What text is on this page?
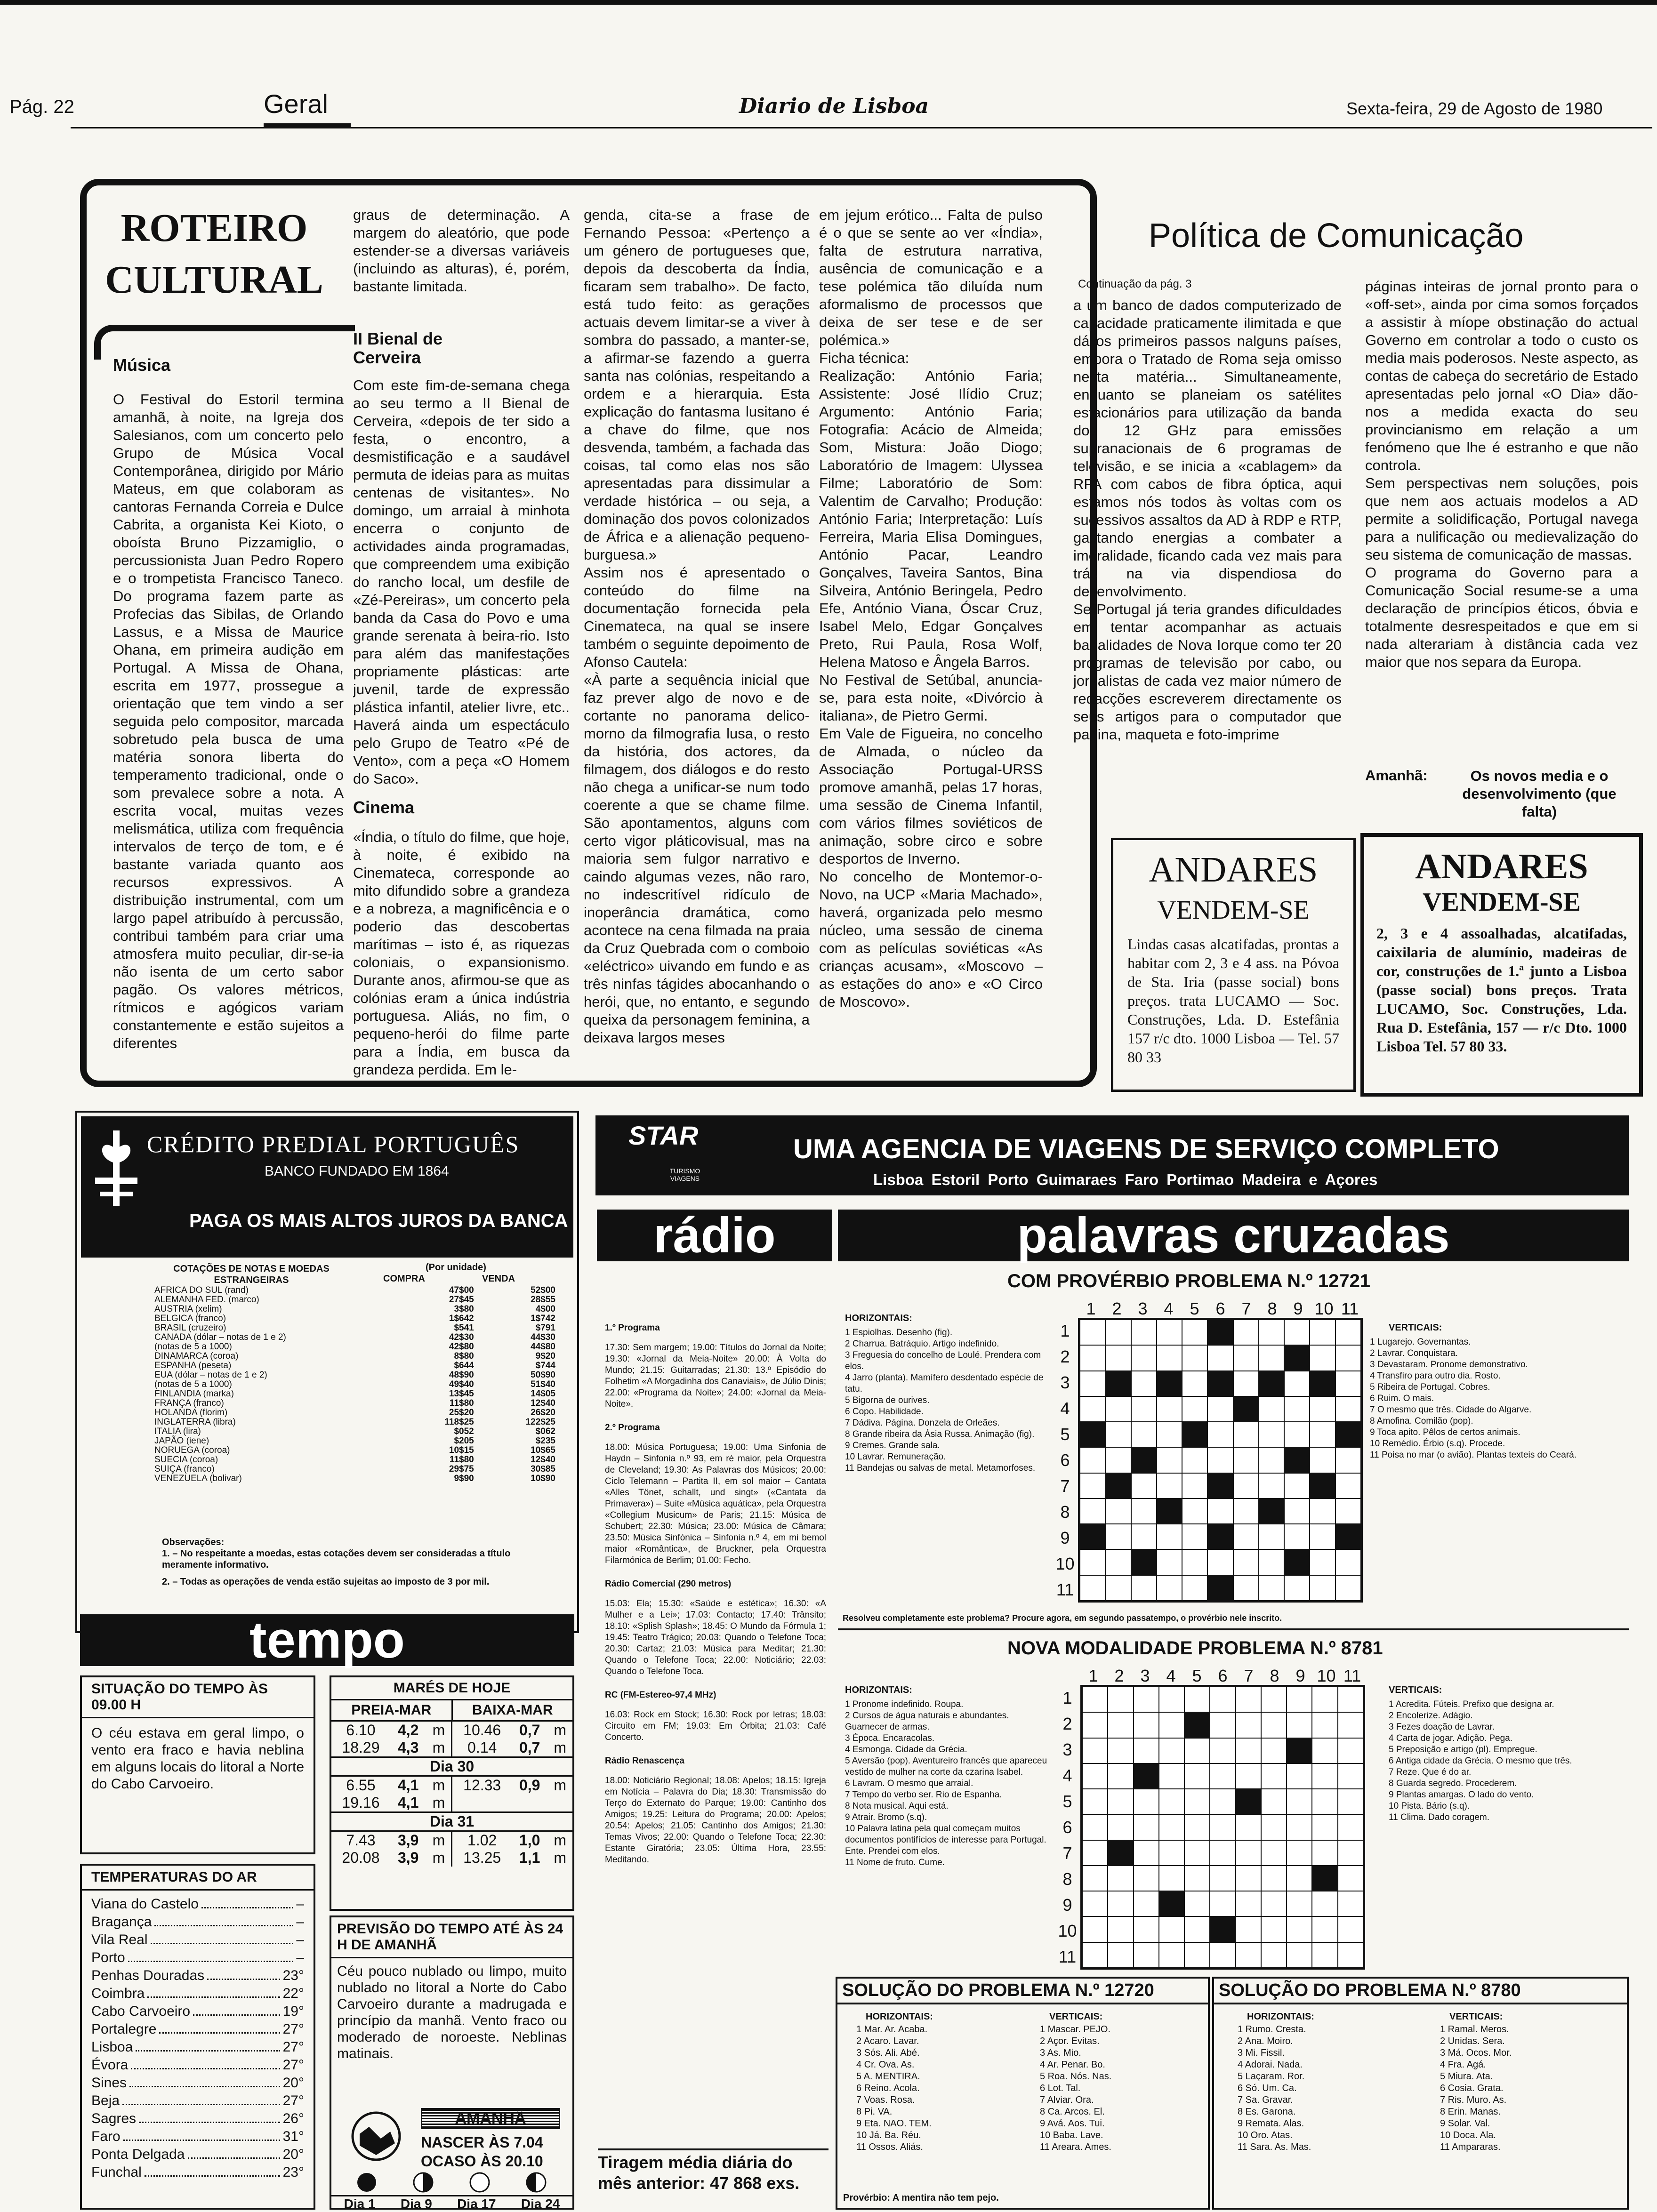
Pág. 22	Geral	Diario de Lisboa	Sexta-feira, 29 de Agosto de 1980
ROTEIRO CULTURAL
Música
O Festival do Estoril termina amanhã, à noite, na Igreja dos Salesianos, com um concerto pelo Grupo de Música Vocal Contemporânea, dirigido por Mário Mateus, em que colaboram as cantoras Fernanda Correia e Dulce Cabrita, a organista Kei Kioto, o oboísta Bruno Pizzamiglio, o percussionista Juan Pedro Ropero e o trompetista Francisco Taneco. Do programa fazem parte as Profecias das Sibilas, de Orlando Lassus, e a Missa de Maurice Ohana, em primeira audição em Portugal. A Missa de Ohana, escrita em 1977, prossegue a orientação que tem vindo a ser seguida pelo compositor, marcada sobretudo pela busca de uma matéria sonora liberta do temperamento tradicional, onde o som prevalece sobre a nota. A escrita vocal, muitas vezes melismática, utiliza com frequência intervalos de terço de tom, e é bastante variada quanto aos recursos expressivos. A distribuição instrumental, com um largo papel atribuído à percussão, contribui também para criar uma atmosfera muito peculiar, dir-se-ia não isenta de um certo sabor pagão. Os valores métricos, rítmicos e agógicos variam constantemente e estão sujeitos a diferentes
graus de determinação. A margem do aleatório, que pode estender-se a diversas variáveis (incluindo as alturas), é, porém, bastante limitada.
II Bienal de Cerveira
Com este fim-de-semana chega ao seu termo a II Bienal de Cerveira, «depois de ter sido a festa, o encontro, a desmistificação e a saudável permuta de ideias para as muitas centenas de visitantes». No domingo, um arraial à minhota encerra o conjunto de actividades ainda programadas, que compreendem uma exibição do rancho local, um desfile de «Zé-Pereiras», um concerto pela banda da Casa do Povo e uma grande serenata à beira-rio. Isto para além das manifestações propriamente plásticas: arte juvenil, tarde de expressão plástica infantil, atelier livre, etc.. Haverá ainda um espectáculo pelo Grupo de Teatro «Pé de Vento», com a peça «O Homem do Saco».
Cinema
«Índia, o título do filme, que hoje, à noite, é exibido na Cinemateca, corresponde ao mito difundido sobre a grandeza e a nobreza, a magnificência e o poderio das descobertas marítimas – isto é, as riquezas coloniais, o expansionismo. Durante anos, afirmou-se que as colónias eram a única indústria portuguesa. Aliás, no fim, o pequeno-herói do filme parte para a Índia, em busca da grandeza perdida. Em le-
genda, cita-se a frase de Fernando Pessoa: «Pertenço a um género de portugueses que, depois da descoberta da Índia, ficaram sem trabalho». De facto, está tudo feito: as gerações actuais devem limitar-se a viver à sombra do passado, a manter-se, a afirmar-se fazendo a guerra santa nas colónias, respeitando a ordem e a hierarquia. Esta explicação do fantasma lusitano é a chave do filme, que nos desvenda, também, a fachada das coisas, tal como elas nos são apresentadas para dissimular a verdade histórica – ou seja, a dominação dos povos colonizados de África e a alienação pequeno-burguesa.»
Assim nos é apresentado o conteúdo do filme na documentação fornecida pela Cinemateca, na qual se insere também o seguinte depoimento de Afonso Cautela:
«À parte a sequência inicial que faz prever algo de novo e de cortante no panorama delico-morno da filmografia lusa, o resto da história, dos actores, da filmagem, dos diálogos e do resto não chega a unificar-se num todo coerente a que se chame filme. São apontamentos, alguns com certo vigor pláticovisual, mas na maioria sem fulgor narrativo e caindo algumas vezes, não raro, no indescritível ridículo de inoperância dramática, como acontece na cena filmada na praia da Cruz Quebrada com o comboio «eléctrico» uivando em fundo e as três ninfas tágides abocanhando o herói, que, no entanto, e segundo queixa da personagem feminina, a deixava largos meses
em jejum erótico... Falta de pulso é o que se sente ao ver «Índia», falta de estrutura narrativa, ausência de comunicação e a tese polémica tão diluída num aformalismo de processos que deixa de ser tese e de ser polémica.»
Ficha técnica:
Realização: António Faria; Assistente: José Ilídio Cruz; Argumento: António Faria; Fotografia: Acácio de Almeida; Som, Mistura: João Diogo; Laboratório de Imagem: Ulyssea Filme; Laboratório de Som: Valentim de Carvalho; Produção: António Faria; Interpretação: Luís Ferreira, Maria Elisa Domingues, António Pacar, Leandro Gonçalves, Taveira Santos, Bina Silveira, António Beringela, Pedro Efe, António Viana, Óscar Cruz, Isabel Melo, Edgar Gonçalves Preto, Rui Paula, Rosa Wolf, Helena Matoso e Ângela Barros.
No Festival de Setúbal, anuncia-se, para esta noite, «Divórcio à italiana», de Pietro Germi.
Em Vale de Figueira, no concelho de Almada, o núcleo da Associação Portugal-URSS promove amanhã, pelas 17 horas, uma sessão de Cinema Infantil, com vários filmes soviéticos de animação, sobre circo e sobre desportos de Inverno.
No concelho de Montemor-o-Novo, na UCP «Maria Machado», haverá, organizada pelo mesmo núcleo, uma sessão de cinema com as películas soviéticas «As crianças acusam», «Moscovo – as estações do ano» e «O Circo de Moscovo».
Política de Comunicação
Continuação da pág. 3
a um banco de dados computerizado de capacidade praticamente ilimitada e que dá os primeiros passos nalguns países, embora o Tratado de Roma seja omisso nesta matéria... Simultaneamente, enquanto se planeiam os satélites estacionários para utilização da banda dos 12 GHz para emissões supranacionais de 6 programas de televisão, e se inicia a «cablagem» da RFA com cabos de fibra óptica, aqui estamos nós todos às voltas com os sucessivos assaltos da AD à RDP e RTP, gastando energias a combater a imoralidade, ficando cada vez mais para trás na via dispendiosa do desenvolvimento.
Se Portugal já teria grandes dificuldades em tentar acompanhar as actuais banalidades de Nova Iorque como ter 20 programas de televisão por cabo, ou jornalistas de cada vez maior número de redacções escreverem directamente os seus artigos para o computador que pagina, maqueta e foto-imprime
páginas inteiras de jornal pronto para o «off-set», ainda por cima somos forçados a assistir à míope obstinação do actual Governo em controlar a todo o custo os media mais poderosos. Neste aspecto, as contas de cabeça do secretário de Estado apresentadas pelo jornal «O Dia» dão-nos a medida exacta do seu provincianismo em relação a um fenómeno que lhe é estranho e que não controla.
Sem perspectivas nem soluções, pois que nem aos actuais modelos a AD permite a solidificação, Portugal navega para a nulificação ou medievalização do seu sistema de comunicação de massas.
O programa do Governo para a Comunicação Social resume-se a uma declaração de princípios éticos, óbvia e totalmente desrespeitados e que em si nada alterariam à distância cada vez maior que nos separa da Europa.
Amanhã:	Os novos media e o desenvolvimento (que falta)
ANDARES
VENDEM-SE
Lindas casas alcatifadas, prontas a habitar com 2, 3 e 4 ass. na Póvoa de Sta. Iria (passe social) bons preços. trata LUCAMO — Soc. Construções, Lda. D. Estefânia 157 r/c dto. 1000 Lisboa — Tel. 57 80 33
ANDARES
VENDEM-SE
2, 3 e 4 assoalhadas, alcatifadas, caixilaria de alumínio, madeiras de cor, construções de 1.ª junto a Lisboa (passe social) bons preços. Trata LUCAMO, Soc. Construções, Lda. Rua D. Estefânia, 157 — r/c Dto. 1000 Lisboa Tel. 57 80 33.
CRÉDITO PREDIAL PORTUGUÊS
BANCO FUNDADO EM 1864
PAGA OS MAIS ALTOS JUROS DA BANCA
COTAÇÕES DE NOTAS E MOEDAS ESTRANGEIRAS
(Por unidade)
COMPRA	VENDA
AFRICA DO SUL (rand)	47$00	52$00
ALEMANHA FED. (marco)	27$45	28$55
AUSTRIA (xelim)	3$80	4$00
BELGICA (franco)	1$642	1$742
BRASIL (cruzeiro)	$541	$791
CANADA (dólar – notas de 1 e 2)	42$30	44$30
(notas de 5 a 1000)	42$80	44$80
DINAMARCA (coroa)	8$80	9$20
ESPANHA (peseta)	$644	$744
EUA (dólar – notas de 1 e 2)	48$90	50$90
(notas de 5 a 1000)	49$40	51$40
FINLANDIA (marka)	13$45	14$05
FRANÇA (franco)	11$80	12$40
HOLANDA (florim)	25$20	26$20
INGLATERRA (libra)	118$25	122$25
ITALIA (lira)	$052	$062
JAPÃO (iene)	$205	$235
NORUEGA (coroa)	10$15	10$65
SUECIA (coroa)	11$80	12$40
SUIÇA (franco)	29$75	30$85
VENEZUELA (bolivar)	9$90	10$90
Observações:
1. – No respeitante a moedas, estas cotações devem ser consideradas a título meramente informativo.
2. – Todas as operações de venda estão sujeitas ao imposto de 3 por mil.
STAR
TURISMO VIAGENS
UMA AGENCIA DE VIAGENS DE SERVIÇO COMPLETO
Lisboa Estoril Porto Guimaraes Faro Portimao Madeira e Açores
rádio
1.º Programa
17.30: Sem margem; 19.00: Títulos do Jornal da Noite; 19.30: «Jornal da Meia-Noite» 20.00: À Volta do Mundo; 21.15: Guitarradas; 21.30: 13.º Episódio do Folhetim «A Morgadinha dos Canaviais», de Júlio Dinis; 22.00: «Programa da Noite»; 24.00: «Jornal da Meia-Noite».
2.º Programa
18.00: Música Portuguesa; 19.00: Uma Sinfonia de Haydn – Sinfonia n.º 93, em ré maior, pela Orquestra de Cleveland; 19.30: As Palavras dos Músicos; 20.00: Ciclo Telemann – Partita II, em sol maior – Cantata «Alles Tönet, schallt, und singt» («Cantata da Primavera») – Suite «Música aquática», pela Orquestra «Collegium Musicum» de Paris; 21.15: Música de Schubert; 22.30: Música; 23.00: Música de Câmara; 23.50: Música Sinfónica – Sinfonia n.º 4, em mi bemol maior «Romântica», de Bruckner, pela Orquestra Filarmónica de Berlim; 01.00: Fecho.
Rádio Comercial (290 metros)
15.03: Ela; 15.30: «Saúde e estética»; 16.30: «A Mulher e a Lei»; 17.03: Contacto; 17.40: Trânsito; 18.10: «Splish Splash»; 18.45: O Mundo da Fórmula 1; 19.45: Teatro Trágico; 20.03: Quando o Telefone Toca; 20.30: Cartaz; 21.03: Música para Meditar; 21.30: Quando o Telefone Toca; 22.00: Noticiário; 22.03: Quando o Telefone Toca.
RC (FM-Estereo-97,4 MHz)
16.03: Rock em Stock; 16.30: Rock por letras; 18.03: Circuito em FM; 19.03: Em Órbita; 21.03: Café Concerto.
Rádio Renascença
18.00: Noticiário Regional; 18.08: Apelos; 18.15: Igreja em Notícia – Palavra do Dia; 18.30: Transmissão do Terço do Externato do Parque; 19.00: Cantinho dos Amigos; 19.25: Leitura do Programa; 20.00: Apelos; 20.54: Apelos; 21.05: Cantinho dos Amigos; 21.30: Temas Vivos; 22.00: Quando o Telefone Toca; 22.30: Estante Giratória; 23.05: Última Hora, 23.55: Meditando.
Tiragem média diária do mês anterior: 47 868 exs.
palavras cruzadas
COM PROVÉRBIO PROBLEMA N.º 12721
HORIZONTAIS:
1 Espiolhas. Desenho (fig).
2 Charrua. Batráquio. Artigo indefinido.
3 Freguesia do concelho de Loulé. Prendera com elos.
4 Jarro (planta). Mamífero desdentado espécie de tatu.
5 Bigorna de ourives.
6 Copo. Habilidade.
7 Dádiva. Página. Donzela de Orleães.
8 Grande ribeira da Ásia Russa. Animação (fig).
9 Cremes. Grande sala.
10 Lavrar. Remuneração.
11 Bandejas ou salvas de metal. Metamorfoses.
VERTICAIS:
1 Lugarejo. Governantas.
2 Lavrar. Conquistara.
3 Devastaram. Pronome demonstrativo.
4 Transfiro para outro dia. Rosto.
5 Ribeira de Portugal. Cobres.
6 Ruim. O mais.
7 O mesmo que três. Cidade do Algarve.
8 Amofina. Comilão (pop).
9 Toca apito. Pêlos de certos animais.
10 Remédio. Érbio (s.q). Procede.
11 Poisa no mar (o avião). Plantas texteis do Ceará.
1 2 3 4 5 6 7 8 9 10 11
1
2
3
4
5
6
7
8
9
10
11
Resolveu completamente este problema? Procure agora, em segundo passatempo, o provérbio nele inscrito.
NOVA MODALIDADE PROBLEMA N.º 8781
HORIZONTAIS:
1 Pronome indefinido. Roupa.
2 Cursos de água naturais e abundantes. Guarnecer de armas.
3 Época. Encaracolas.
4 Esmonga. Cidade da Grécia.
5 Aversão (pop). Aventureiro francês que apareceu vestido de mulher na corte da czarina Isabel.
6 Lavram. O mesmo que arraial.
7 Tempo do verbo ser. Rio de Espanha.
8 Nota musical. Aqui está.
9 Atrair. Bromo (s.q).
10 Palavra latina pela qual começam muitos documentos pontifícios de interesse para Portugal. Ente. Prendei com elos.
11 Nome de fruto. Cume.
VERTICAIS:
1 Acredita. Fúteis. Prefixo que designa ar.
2 Encolerize. Adágio.
3 Fezes doação de Lavrar.
4 Carta de jogar. Adição. Pega.
5 Preposição e artigo (pl). Empregue.
6 Antiga cidade da Grécia. O mesmo que três.
7 Reze. Que é do ar.
8 Guarda segredo. Procederem.
9 Plantas amargas. O lado do vento.
10 Pista. Bário (s.q).
11 Clima. Dado coragem.
1 2 3 4 5 6 7 8 9 10 11
1
2
3
4
5
6
7
8
9
10
11
SOLUÇÃO DO PROBLEMA N.º 12720
HORIZONTAIS:
1 Mar. Ar. Acaba.
2 Acaro. Lavar.
3 Sós. Ali. Abé.
4 Cr. Ova. As.
5 A. MENTIRA.
6 Reino. Acola.
7 Voas. Rosa.
8 Pi. VA.
9 Eta. NAO. TEM.
10 Já. Ba. Réu.
11 Ossos. Aliás.
VERTICAIS:
1 Mascar. PEJO.
2 Açor. Evitas.
3 As. Mio.
4 Ar. Penar. Bo.
5 Roa. Nós. Nas.
6 Lot. Tal.
7 Alviar. Ora.
8 Ca. Arcos. El.
9 Avá. Aos. Tui.
10 Baba. Lave.
11 Areara. Ames.
Provérbio: A mentira não tem pejo.
SOLUÇÃO DO PROBLEMA N.º 8780
HORIZONTAIS:
1 Rumo. Cresta.
2 Ana. Moiro.
3 Mi. Fissil.
4 Adorai. Nada.
5 Laçaram. Ror.
6 Só. Um. Ca.
7 Sa. Gravar.
8 Es. Garona.
9 Remata. Alas.
10 Oro. Atas.
11 Sara. As. Mas.
VERTICAIS:
1 Ramal. Meros.
2 Unidas. Sera.
3 Má. Ocos. Mor.
4 Fra. Agá.
5 Miura. Ata.
6 Cosia. Grata.
7 Ris. Muro. As.
8 Erin. Manas.
9 Solar. Val.
10 Doca. Ala.
11 Ampararas.
tempo
SITUAÇÃO DO TEMPO ÀS 09.00 H
O céu estava em geral limpo, o vento era fraco e havia neblina em alguns locais do litoral a Norte do Cabo Carvoeiro.
TEMPERATURAS DO AR
Viana do Castelo	–
Bragança	–
Vila Real	–
Porto	–
Penhas Douradas	23°
Coimbra	22°
Cabo Carvoeiro	19°
Portalegre	27°
Lisboa	27°
Évora	27°
Sines	20°
Beja	27°
Sagres	26°
Faro	31°
Ponta Delgada	20°
Funchal	23°
MARÉS DE HOJE
PREIA-MAR	BAIXA-MAR
6.10	4,2	m	10.46	0,7	m
18.29	4,3	m	0.14	0,7	m
Dia 30					
6.55	4,1	m	12.33	0,9	m
19.16	4,1	m			
Dia 31					
7.43	3,9	m	1.02	1,0	m
20.08	3,9	m	13.25	1,1	m
PREVISÃO DO TEMPO ATÉ ÀS 24 H DE AMANHÃ
Céu pouco nublado ou limpo, muito nublado no litoral a Norte do Cabo Carvoeiro durante a madrugada e princípio da manhã. Vento fraco ou moderado de noroeste. Neblinas matinais.
AMANHÃ
NASCER ÀS 7.04
OCASO ÀS 20.10
Dia 1 Dia 9 Dia 17 Dia 24
